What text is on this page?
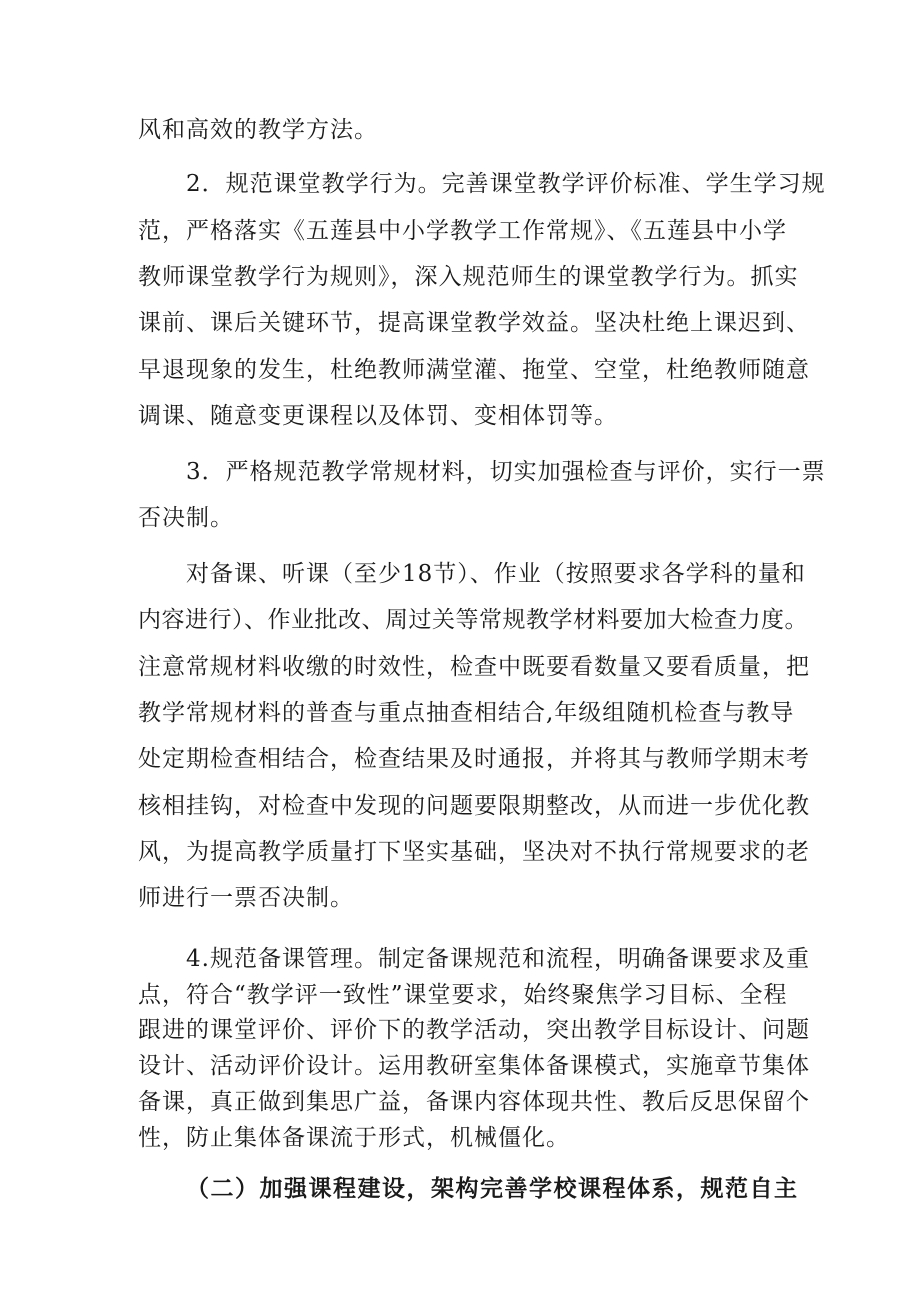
风和高效的教学方法。
2．规范课堂教学行为。完善课堂教学评价标准、学生学习规
范，严格落实《五莲县中小学教学工作常规》、《五莲县中小学
教师课堂教学行为规则》，深入规范师生的课堂教学行为。抓实
课前、课后关键环节，提高课堂教学效益。坚决杜绝上课迟到、
早退现象的发生，杜绝教师满堂灌、拖堂、空堂，杜绝教师随意
调课、随意变更课程以及体罚、变相体罚等。
3．严格规范教学常规材料，切实加强检查与评价，实行一票
否决制。
对备课、听课（至少18节）、作业（按照要求各学科的量和
内容进行）、作业批改、周过关等常规教学材料要加大检查力度。
注意常规材料收缴的时效性，检查中既要看数量又要看质量，把
教学常规材料的普查与重点抽查相结合,年级组随机检查与教导
处定期检查相结合，检查结果及时通报，并将其与教师学期末考
核相挂钩，对检查中发现的问题要限期整改，从而进一步优化教
风，为提高教学质量打下坚实基础，坚决对不执行常规要求的老
师进行一票否决制。
4.规范备课管理。制定备课规范和流程，明确备课要求及重
点，符合“教学评一致性”课堂要求，始终聚焦学习目标、全程
跟进的课堂评价、评价下的教学活动，突出教学目标设计、问题
设计、活动评价设计。运用教研室集体备课模式，实施章节集体
备课，真正做到集思广益，备课内容体现共性、教后反思保留个
性，防止集体备课流于形式，机械僵化。
（二）加强课程建设，架构完善学校课程体系，规范自主
